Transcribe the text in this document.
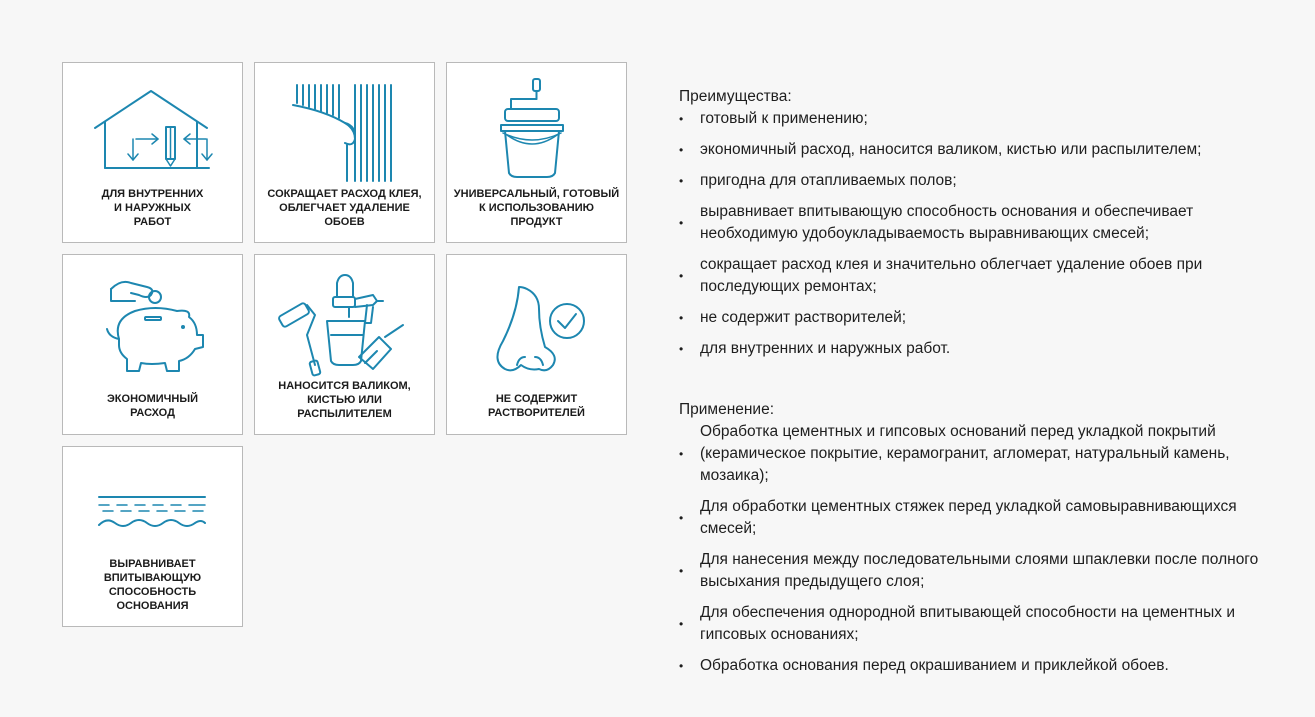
ДЛЯ ВНУТРЕННИХ
И НАРУЖНЫХ
РАБОТ
СОКРАЩАЕТ РАСХОД КЛЕЯ,
ОБЛЕГЧАЕТ УДАЛЕНИЕ
ОБОЕВ
УНИВЕРСАЛЬНЫЙ, ГОТОВЫЙ
К ИСПОЛЬЗОВАНИЮ
ПРОДУКТ
ЭКОНОМИЧНЫЙ
РАСХОД
НАНОСИТСЯ ВАЛИКОМ,
КИСТЬЮ ИЛИ
РАСПЫЛИТЕЛЕМ
НЕ СОДЕРЖИТ
РАСТВОРИТЕЛЕЙ
ВЫРАВНИВАЕТ
ВПИТЫВАЮЩУЮ
СПОСОБНОСТЬ
ОСНОВАНИЯ
Преимущества:
• готовый к применению;
• экономичный расход, наносится валиком, кистью или распылителем;
• пригодна для отапливаемых полов;
•
выравнивает впитывающую способность основания и обеспечивает необходимую удобоукладываемость выравнивающих смесей;
•
сокращает расход клея и значительно облегчает удаление обоев при последующих ремонтах;
• не содержит растворителей;
• для внутренних и наружных работ.
Применение:
•
Обработка цементных и гипсовых оснований перед укладкой покрытий (керамическое покрытие, керамогранит, агломерат, натуральный камень, мозаика);
•
Для обработки цементных стяжек перед укладкой самовыравнивающихся смесей;
•
Для нанесения между последовательными слоями шпаклевки после полного высыхания предыдущего слоя;
•
Для обеспечения однородной впитывающей способности на цементных и гипсовых основаниях;
• Обработка основания перед окрашиванием и приклейкой обоев.
